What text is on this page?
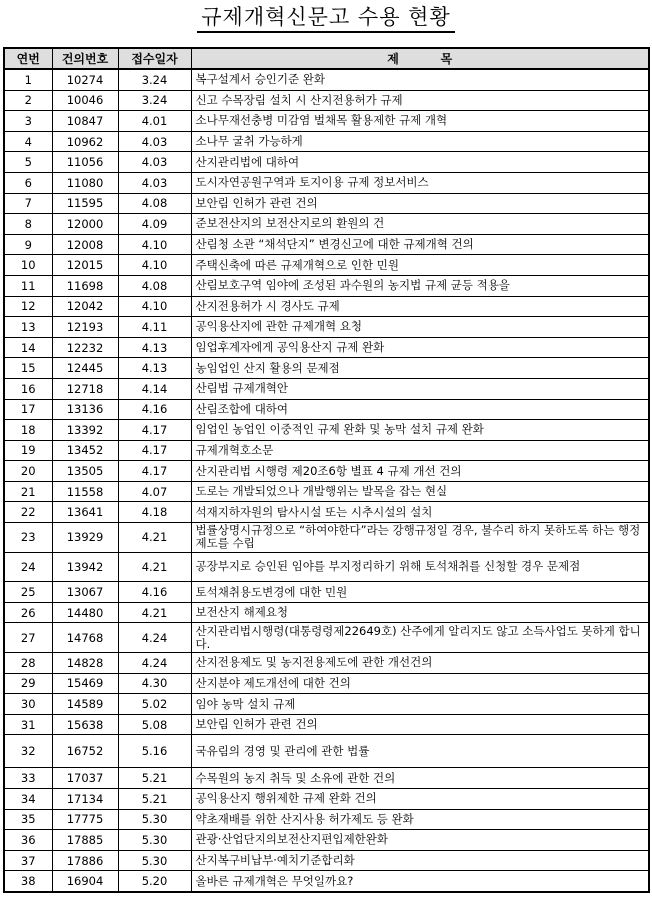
규제개혁신문고 수용 현황
연번	건의번호	접수일자	제          목
1	10274	3.24	복구설계서 승인기준 완화
2	10046	3.24	신고 수목장림 설치 시 산지전용허가 규제
3	10847	4.01	소나무재선충병 미감염 벌채목 활용제한 규제 개혁
4	10962	4.03	소나무 굴취 가능하게
5	11056	4.03	산지관리법에 대하여
6	11080	4.03	도시자연공원구역과 토지이용 규제 정보서비스
7	11595	4.08	보안림 인허가 관련 건의
8	12000	4.09	준보전산지의 보전산지로의 환원의 건
9	12008	4.10	산림청 소관 “채석단지” 변경신고에 대한 규제개혁 건의
10	12015	4.10	주택신축에 따른 규제개혁으로 인한 민원
11	11698	4.08	산림보호구역 임야에 조성된 과수원의 농지법 규제 균등 적용을
12	12042	4.10	산지전용허가 시 경사도 규제
13	12193	4.11	공익용산지에 관한 규제개혁 요청
14	12232	4.13	임업후계자에게 공익용산지 규제 완화
15	12445	4.13	농임업인 산지 활용의 문제점
16	12718	4.14	산림법 규제개혁안
17	13136	4.16	산림조합에 대하여
18	13392	4.17	임업인 농업인 이중적인 규제 완화 및 농막 설치 규제 완화
19	13452	4.17	규제개혁호소문
20	13505	4.17	산지관리법 시행령 제20조6항 별표 4 규제 개선 건의
21	11558	4.07	도로는 개발되었으나 개발행위는 발목을 잡는 현실
22	13641	4.18	석재지하자원의 탐사시설 또는 시추시설의 설치
23	13929	4.21	법률상명시규정으로 “하여야한다”라는 강행규정일 경우, 불수리 하지 못하도록 하는 행정제도를 수립
24	13942	4.21	공장부지로 승인된 임야를 부지정리하기 위해 토석채취를 신청할 경우 문제점
25	13067	4.16	토석채취용도변경에 대한 민원
26	14480	4.21	보전산지 해제요청
27	14768	4.24	산지관리법시행령(대통령령제22649호) 산주에게 알리지도 않고 소득사업도 못하게 합니다.
28	14828	4.24	산지전용제도 및 농지전용제도에 관한 개선건의
29	15469	4.30	산지분야 제도개선에 대한 건의
30	14589	5.02	임야 농막 설치 규제
31	15638	5.08	보안림 인허가 관련 건의
32	16752	5.16	국유림의 경영 및 관리에 관한 법률
33	17037	5.21	수목원의 농지 취득 및 소유에 관한 건의
34	17134	5.21	공익용산지 행위제한 규제 완화 건의
35	17775	5.30	약초재배를 위한 산지사용 허가제도 등 완화
36	17885	5.30	관광·산업단지의보전산지편입제한완화
37	17886	5.30	산지복구비납부·예치기준합리화
38	16904	5.20	올바른 규제개혁은 무엇일까요?
